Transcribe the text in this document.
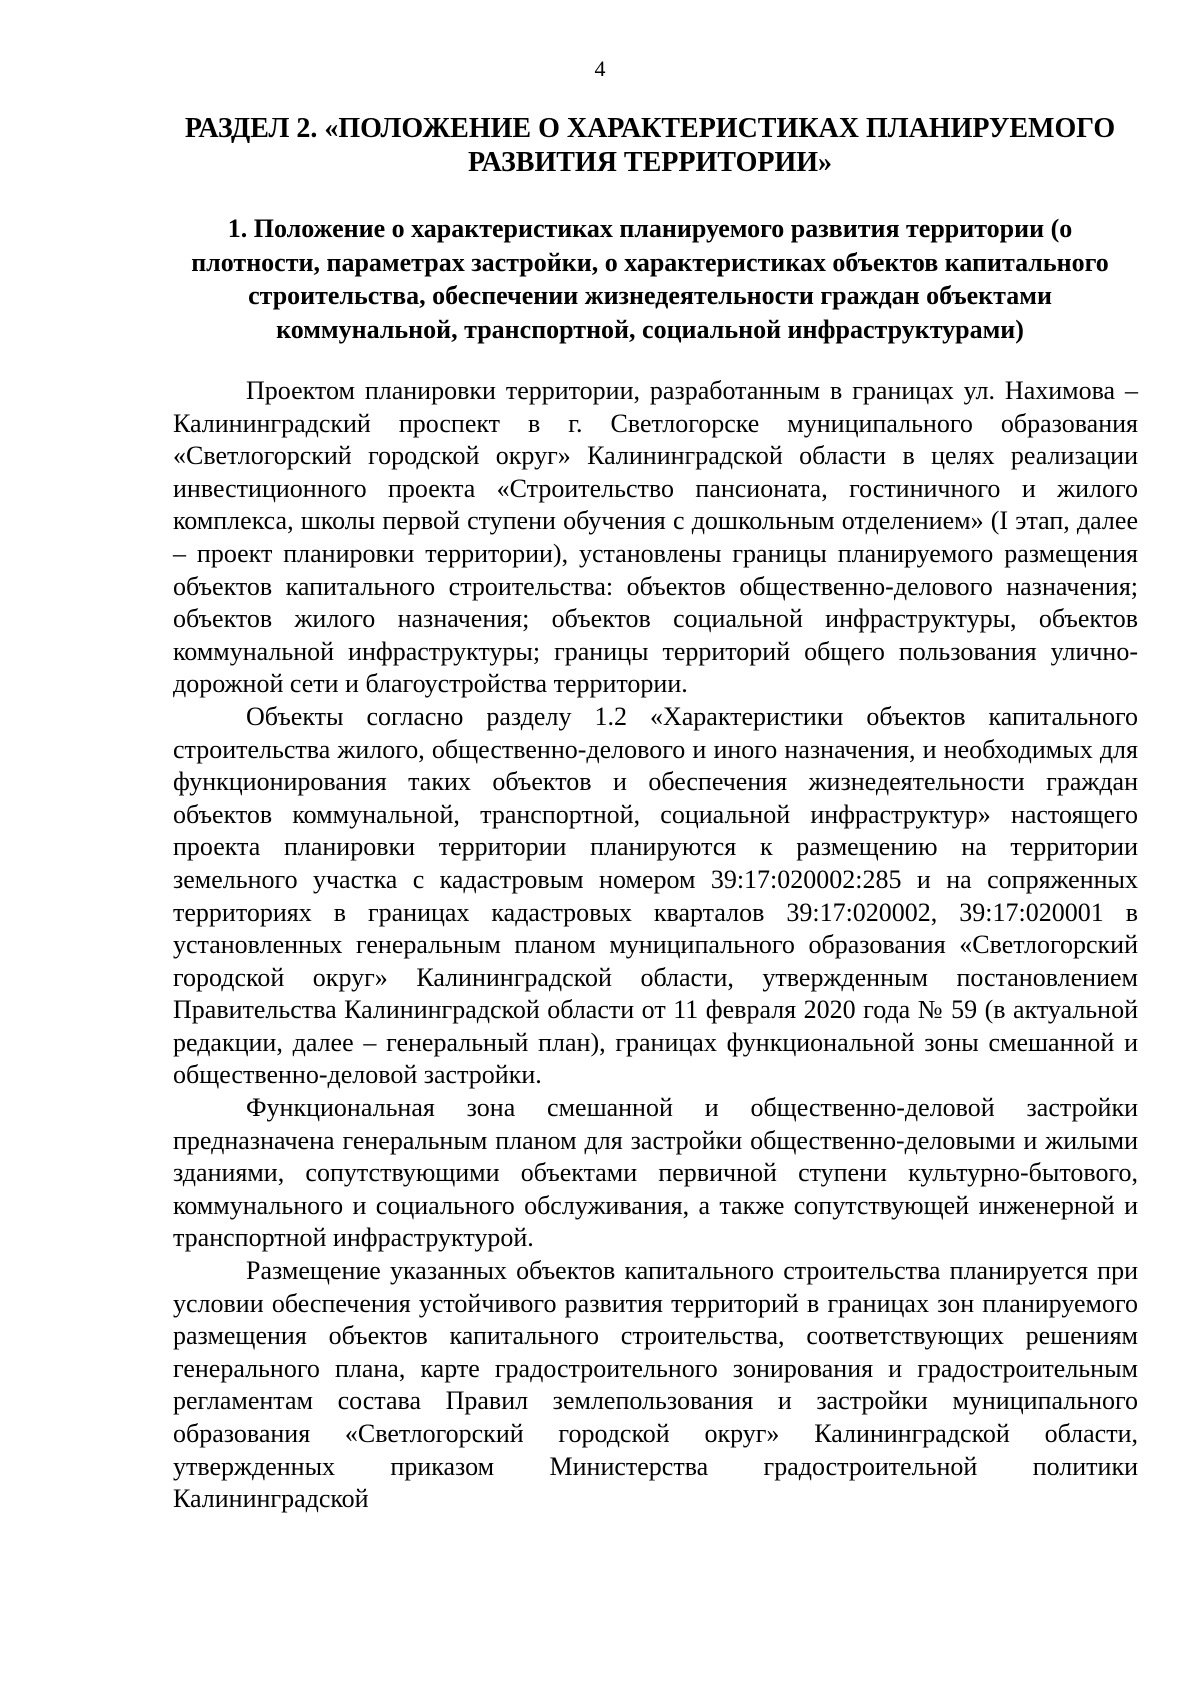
4
РАЗДЕЛ 2. «ПОЛОЖЕНИЕ О ХАРАКТЕРИСТИКАХ ПЛАНИРУЕМОГО РАЗВИТИЯ ТЕРРИТОРИИ»
1. Положение о характеристиках планируемого развития территории (о плотности, параметрах застройки, о характеристиках объектов капитального строительства, обеспечении жизнедеятельности граждан объектами коммунальной, транспортной, социальной инфраструктурами)

Проектом планировки территории, разработанным в границах ул. Нахимова – Калининградский проспект в г. Светлогорске муниципального образования «Светлогорский городской округ» Калининградской области в целях реализации инвестиционного проекта «Строительство пансионата, гостиничного и жилого комплекса, школы первой ступени обучения с дошкольным отделением» (I этап, далее – проект планировки территории), установлены границы планируемого размещения объектов капитального строительства: объектов общественно-делового назначения; объектов жилого назначения; объектов социальной инфраструктуры, объектов коммунальной инфраструктуры; границы территорий общего пользования улично-дорожной сети и благоустройства территории.

Объекты согласно разделу 1.2 «Характеристики объектов капитального строительства жилого, общественно-делового и иного назначения, и необходимых для функционирования таких объектов и обеспечения жизнедеятельности граждан объектов коммунальной, транспортной, социальной инфраструктур» настоящего проекта планировки территории планируются к размещению на территории земельного участка с кадастровым номером 39:17:020002:285 и на сопряженных территориях в границах кадастровых кварталов 39:17:020002, 39:17:020001 в установленных генеральным планом муниципального образования «Светлогорский городской округ» Калининградской области, утвержденным постановлением Правительства Калининградской области от 11 февраля 2020 года № 59 (в актуальной редакции, далее – генеральный план), границах функциональной зоны смешанной и общественно-деловой застройки.

Функциональная зона смешанной и общественно-деловой застройки предназначена генеральным планом для застройки общественно-деловыми и жилыми зданиями, сопутствующими объектами первичной ступени культурно-бытового, коммунального и социального обслуживания, а также сопутствующей инженерной и транспортной инфраструктурой.

Размещение указанных объектов капитального строительства планируется при условии обеспечения устойчивого развития территорий в границах зон планируемого размещения объектов капитального строительства, соответствующих решениям генерального плана, карте градостроительного зонирования и градостроительным регламентам состава Правил землепользования и застройки муниципального образования «Светлогорский городской округ» Калининградской области, утвержденных приказом Министерства градостроительной политики Калининградской
